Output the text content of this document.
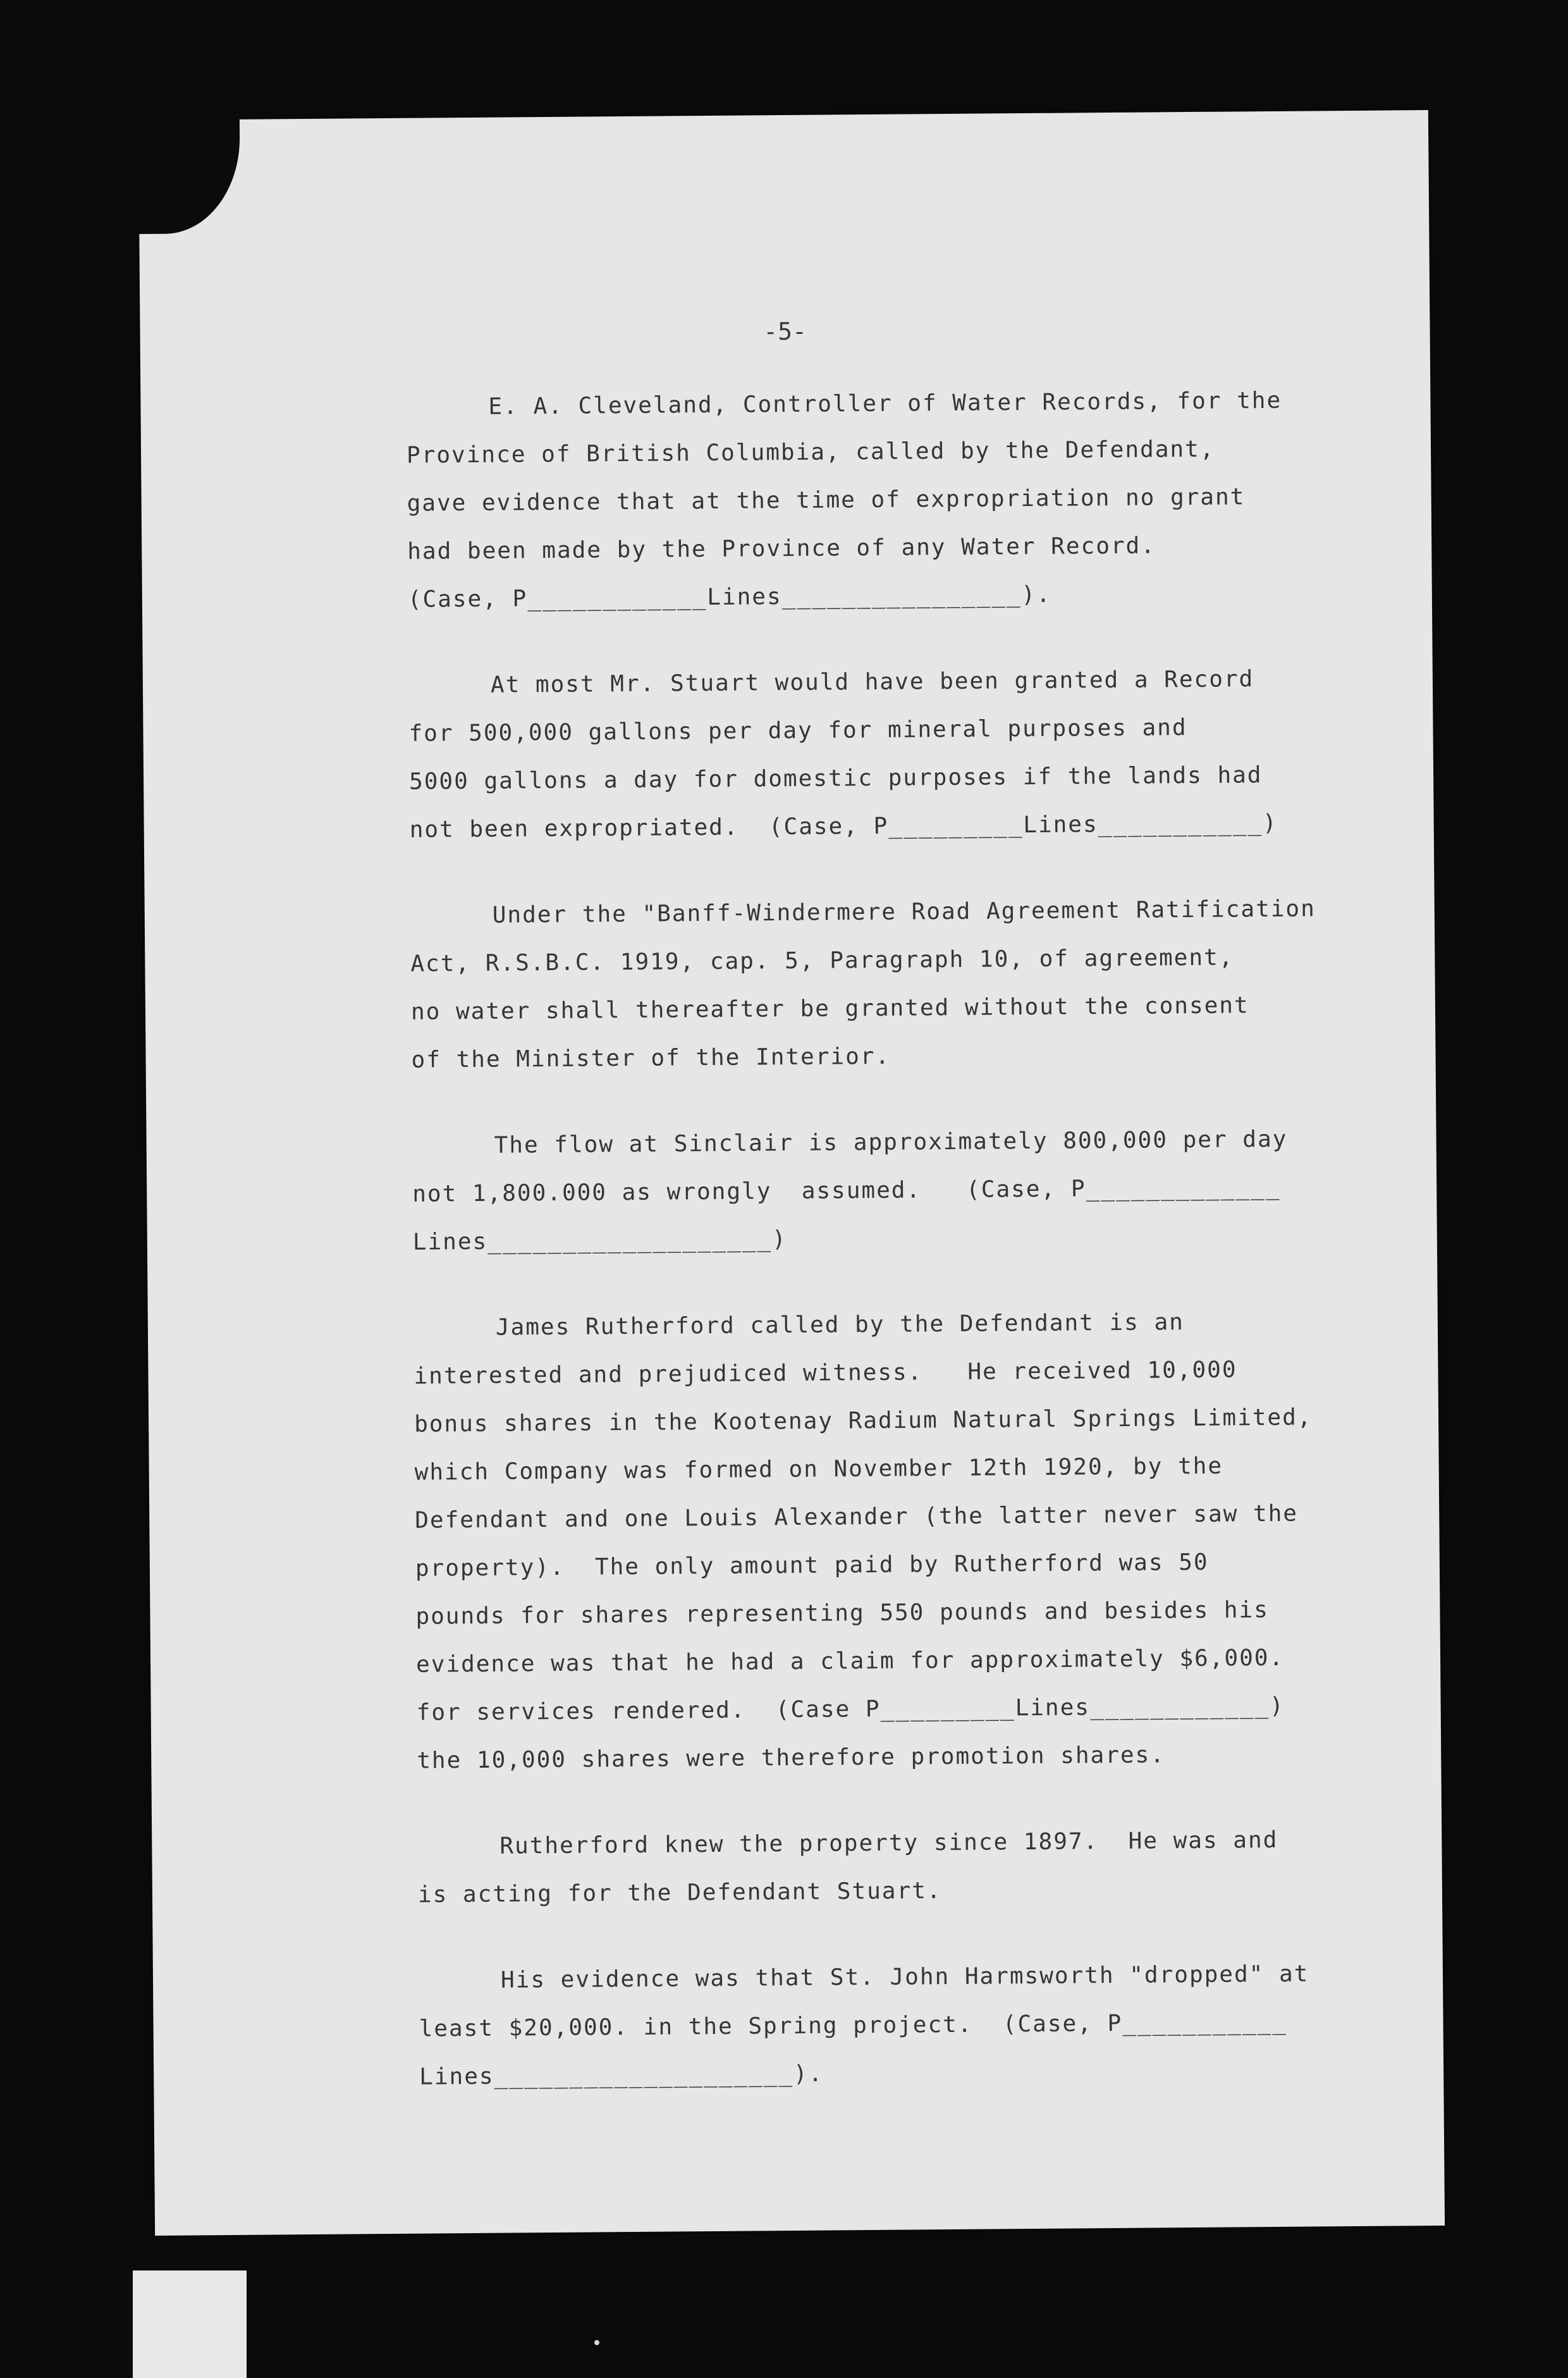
-5-
E. A. Cleveland, Controller of Water Records, for the
Province of British Columbia, called by the Defendant,
gave evidence that at the time of expropriation no grant
had been made by the Province of any Water Record.
(Case, P____________Lines________________).
At most Mr. Stuart would have been granted a Record
for 500,000 gallons per day for mineral purposes and
5000 gallons a day for domestic purposes if the lands had
not been expropriated.  (Case, P_________Lines___________)
Under the "Banff-Windermere Road Agreement Ratification
Act, R.S.B.C. 1919, cap. 5, Paragraph 10, of agreement,
no water shall thereafter be granted without the consent
of the Minister of the Interior.
The flow at Sinclair is approximately 800,000 per day
not 1,800.000 as wrongly  assumed.   (Case, P_____________
Lines___________________)
James Rutherford called by the Defendant is an
interested and prejudiced witness.   He received 10,000
bonus shares in the Kootenay Radium Natural Springs Limited,
which Company was formed on November 12th 1920, by the
Defendant and one Louis Alexander (the latter never saw the
property).  The only amount paid by Rutherford was 50
pounds for shares representing 550 pounds and besides his
evidence was that he had a claim for approximately $6,000.
for services rendered.  (Case P_________Lines____________)
the 10,000 shares were therefore promotion shares.
Rutherford knew the property since 1897.  He was and
is acting for the Defendant Stuart.
His evidence was that St. John Harmsworth "dropped" at
least $20,000. in the Spring project.  (Case, P___________
Lines____________________).
